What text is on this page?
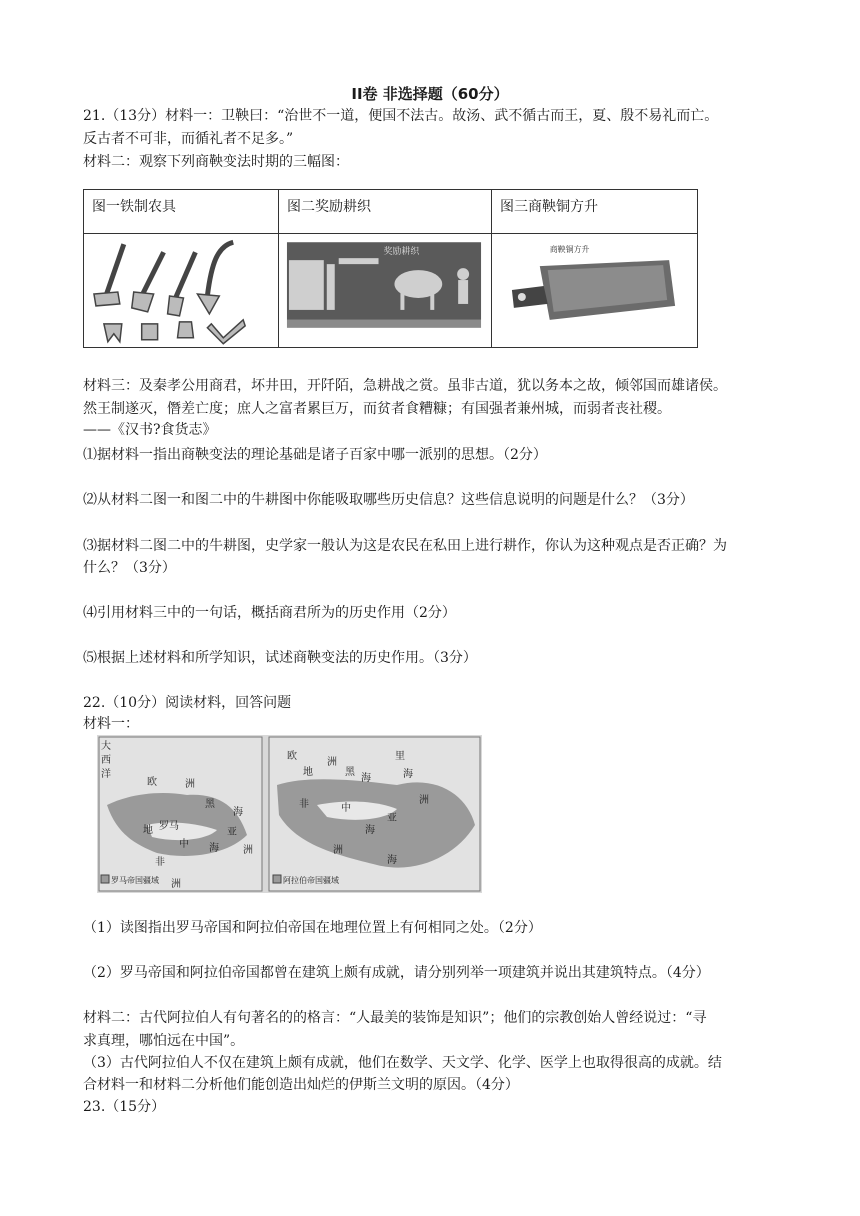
II卷 非选择题（60分）
21.（13分）材料一：卫鞅曰：“治世不一道，便国不法古。故汤、武不循古而王，夏、殷不易礼而亡。
反古者不可非，而循礼者不足多。”
材料二：观察下列商鞅变法时期的三幅图：
图一铁制农具	图二奖励耕织	图三商鞅铜方升

奖励耕织	商鞅铜方升
材料三：及秦孝公用商君，坏井田，开阡陌，急耕战之赏。虽非古道，犹以务本之故，倾邻国而雄诸侯。
然王制遂灭，僭差亡度；庶人之富者累巨万，而贫者食糟糠；有国强者兼州城，而弱者丧社稷。
——《汉书?食货志》
⑴据材料一指出商鞅变法的理论基础是诸子百家中哪一派别的思想。（2分）
⑵从材料二图一和图二中的牛耕图中你能吸取哪些历史信息？这些信息说明的问题是什么？（3分）
⑶据材料二图二中的牛耕图，史学家一般认为这是农民在私田上进行耕作，你认为这种观点是否正确？为
什么？（3分）
⑷引用材料三中的一句话，概括商君所为的历史作用（2分）
⑸根据上述材料和所学知识，试述商鞅变法的历史作用。（3分）
22.（10分）阅读材料，回答问题
材料一：
大
西
洋
欧	洲
黑
海
地 罗马
中 海
亚
洲
非
洲
罗马帝国疆域
欧
地
洲
黑
海
里
海
非	中
亚
海
洲
洲
海
阿拉伯帝国疆域
（1）读图指出罗马帝国和阿拉伯帝国在地理位置上有何相同之处。（2分）
（2）罗马帝国和阿拉伯帝国都曾在建筑上颇有成就，请分别列举一项建筑并说出其建筑特点。（4分）
材料二：古代阿拉伯人有句著名的的格言：“人最美的装饰是知识”；他们的宗教创始人曾经说过：“寻
求真理，哪怕远在中国”。
（3）古代阿拉伯人不仅在建筑上颇有成就，他们在数学、天文学、化学、医学上也取得很高的成就。结
合材料一和材料二分析他们能创造出灿烂的伊斯兰文明的原因。（4分）
23.（15分）
